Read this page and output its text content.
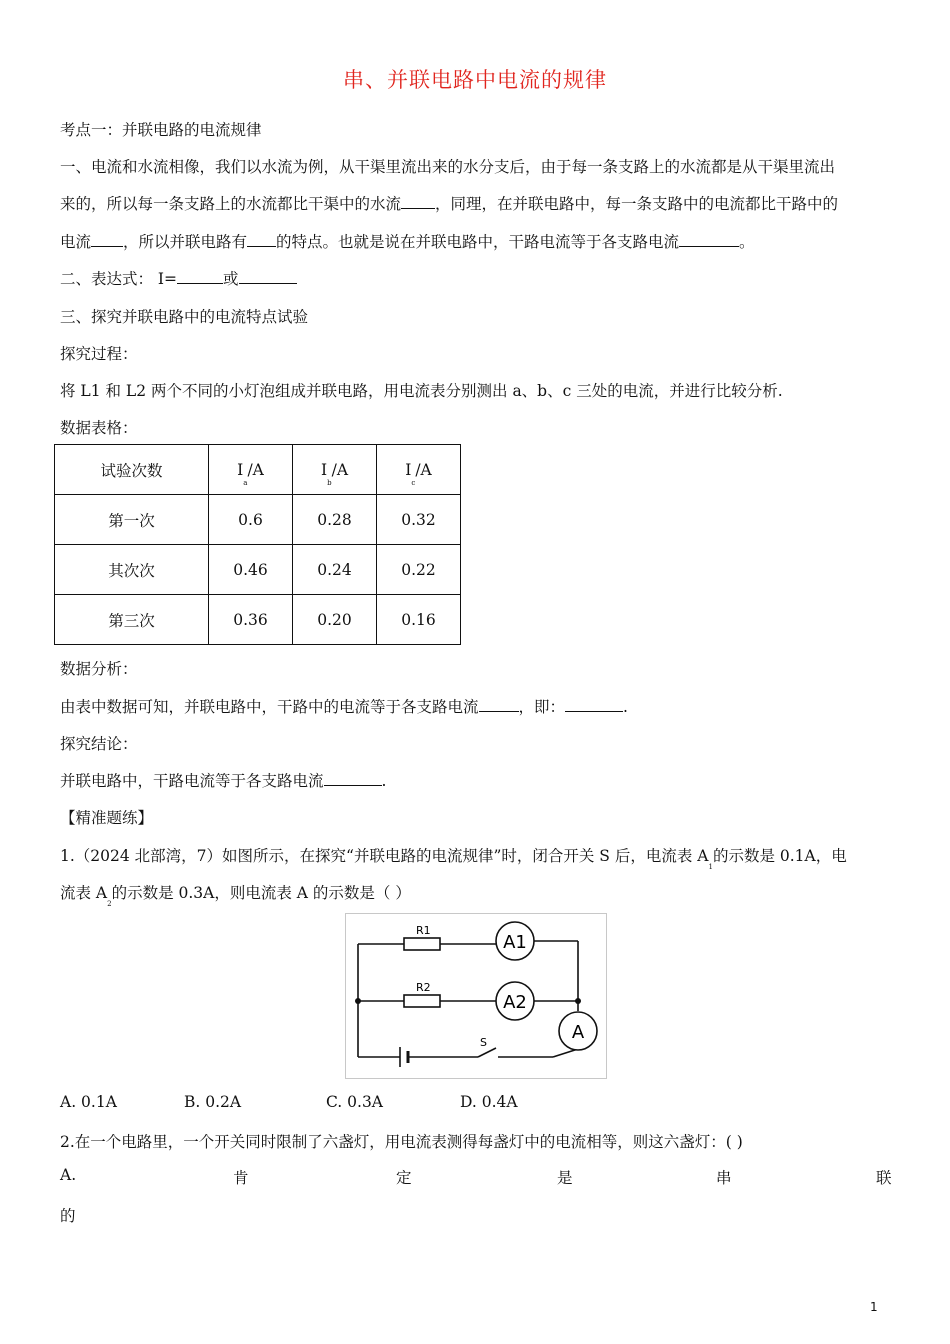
串、并联电路中电流的规律
考点一：并联电路的电流规律
一、电流和水流相像，我们以水流为例，从干渠里流出来的水分支后，由于每一条支路上的水流都是从干渠里流出
来的，所以每一条支路上的水流都比干渠中的水流 ，同理，在并联电路中，每一条支路中的电流都比干路中的
电流 ，所以并联电路有 的特点。也就是说在并联电路中，干路电流等于各支路电流	。
二、表达式： I=	或
三、探究并联电路中的电流特点试验
探究过程：
将 L1 和 L2 两个不同的小灯泡组成并联电路，用电流表分别测出 a、b、c 三处的电流，并进行比较分析.
数据表格：
试验次数	$I_a/A$	$I_b/A$	$I_c/A$
第一次	0.6	0.28	0.32
其次次	0.46	0.24	0.22
第三次	0.36	0.20	0.16
数据分析：
由表中数据可知，并联电路中，干路中的电流等于各支路电流	，即：	.
探究结论：
并联电路中，干路电流等于各支路电流	.
【精准题练】
1.（2024 北部湾，7）如图所示，在探究“并联电路的电流规律”时，闭合开关 S 后，电流表 $A_1$的示数是 0.1A，电
流表 $A_2$的示数是 0.3A，则电流表 A 的示数是（ ）
R1
R2
A1
A2
A
S
A. 0.1A	B. 0.2A	C. 0.3A	D. 0.4A
2.在一个电路里，一个开关同时限制了六盏灯，用电流表测得每盏灯中的电流相等，则这六盏灯：( )
A.	肯	定	是	串	联
的
1
